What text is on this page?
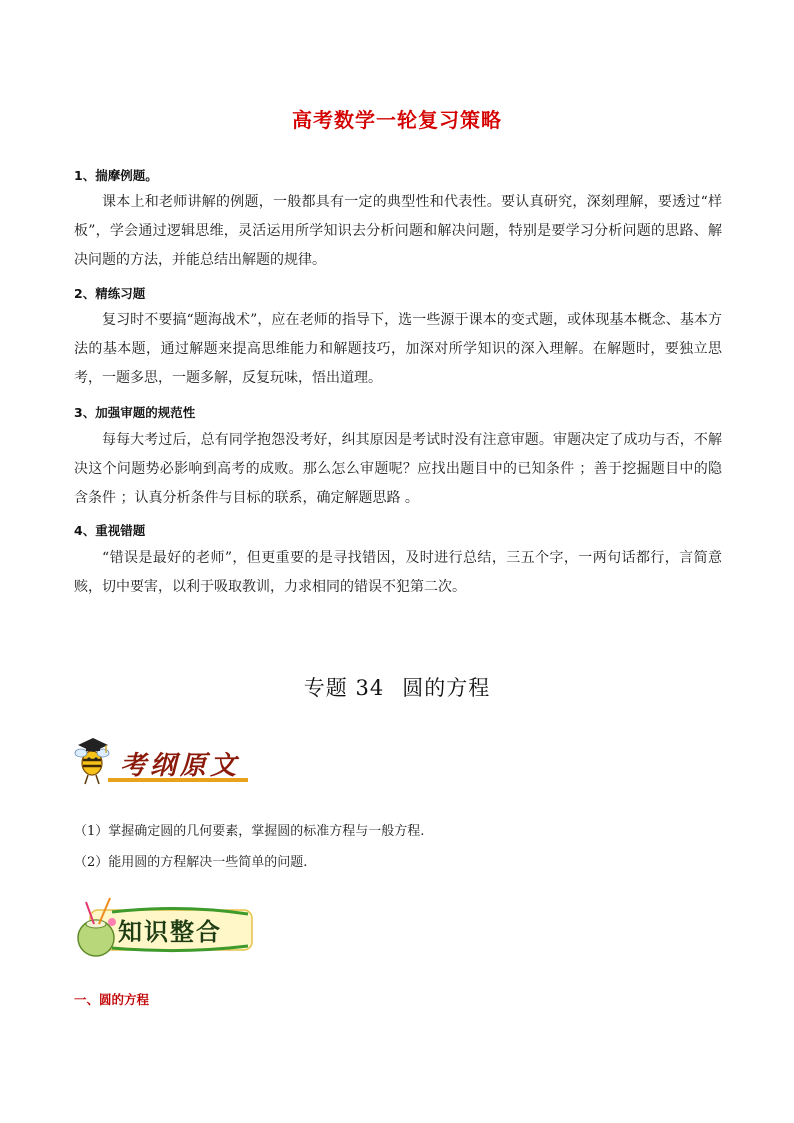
高考数学一轮复习策略
1、揣摩例题。
课本上和老师讲解的例题，一般都具有一定的典型性和代表性。要认真研究，深刻理解，要透过“样板”，学会通过逻辑思维，灵活运用所学知识去分析问题和解决问题，特别是要学习分析问题的思路、解决问题的方法，并能总结出解题的规律。
2、精练习题
复习时不要搞“题海战术”，应在老师的指导下，选一些源于课本的变式题，或体现基本概念、基本方法的基本题，通过解题来提高思维能力和解题技巧，加深对所学知识的深入理解。在解题时，要独立思考，一题多思，一题多解，反复玩味，悟出道理。
3、加强审题的规范性
每每大考过后，总有同学抱怨没考好，纠其原因是考试时没有注意审题。审题决定了成功与否，不解决这个问题势必影响到高考的成败。那么怎么审题呢？应找出题目中的已知条件 ；善于挖掘题目中的隐含条件 ；认真分析条件与目标的联系，确定解题思路 。
4、重视错题
“错误是最好的老师”，但更重要的是寻找错因，及时进行总结，三五个字，一两句话都行，言简意赅，切中要害，以利于吸取教训，力求相同的错误不犯第二次。
专题 34 圆的方程
考纲原文
（1）掌握确定圆的几何要素，掌握圆的标准方程与一般方程.
（2）能用圆的方程解决一些简单的问题.
知识整合
一、圆的方程
